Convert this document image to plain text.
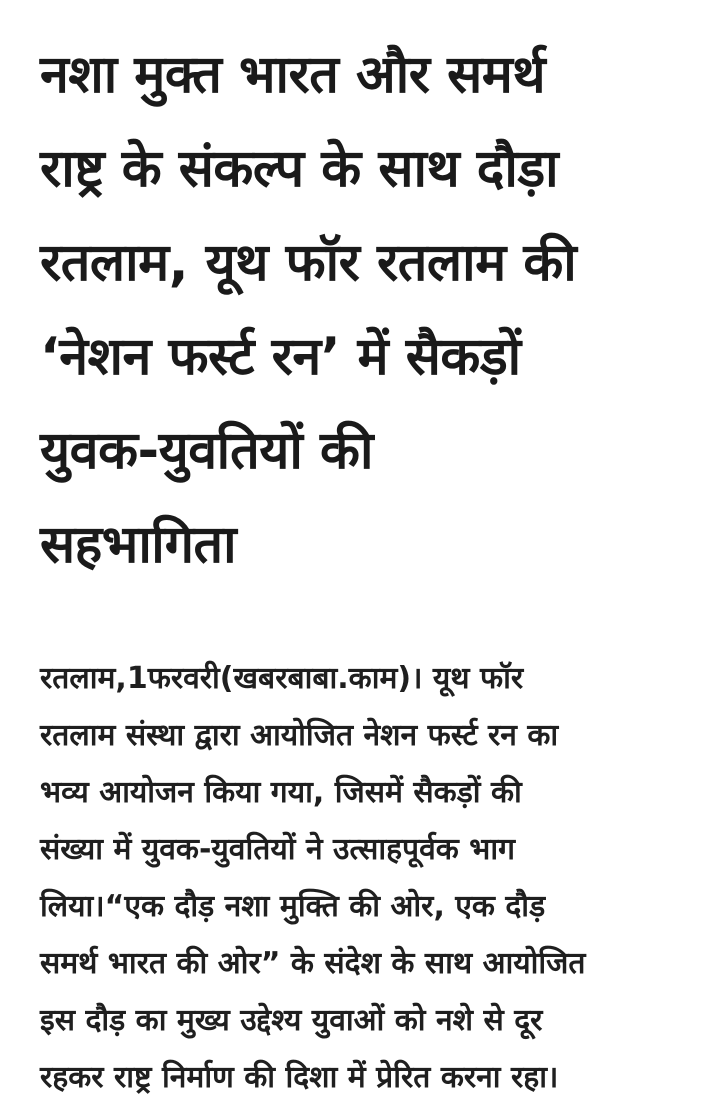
नशा मुक्त भारत और समर्थ
राष्ट्र के संकल्प के साथ दौड़ा
रतलाम, यूथ फॉर रतलाम की
‘नेशन फर्स्ट रन’ में सैकड़ों
युवक-युवतियों की
सहभागिता

रतलाम,1फरवरी(खबरबाबा.काम)। यूथ फॉर
रतलाम संस्था द्वारा आयोजित नेशन फर्स्ट रन का
भव्य आयोजन किया गया, जिसमें सैकड़ों की
संख्या में युवक-युवतियों ने उत्साहपूर्वक भाग
लिया।“एक दौड़ नशा मुक्ति की ओर, एक दौड़
समर्थ भारत की ओर” के संदेश के साथ आयोजित
इस दौड़ का मुख्य उद्देश्य युवाओं को नशे से दूर
रहकर राष्ट्र निर्माण की दिशा में प्रेरित करना रहा।
